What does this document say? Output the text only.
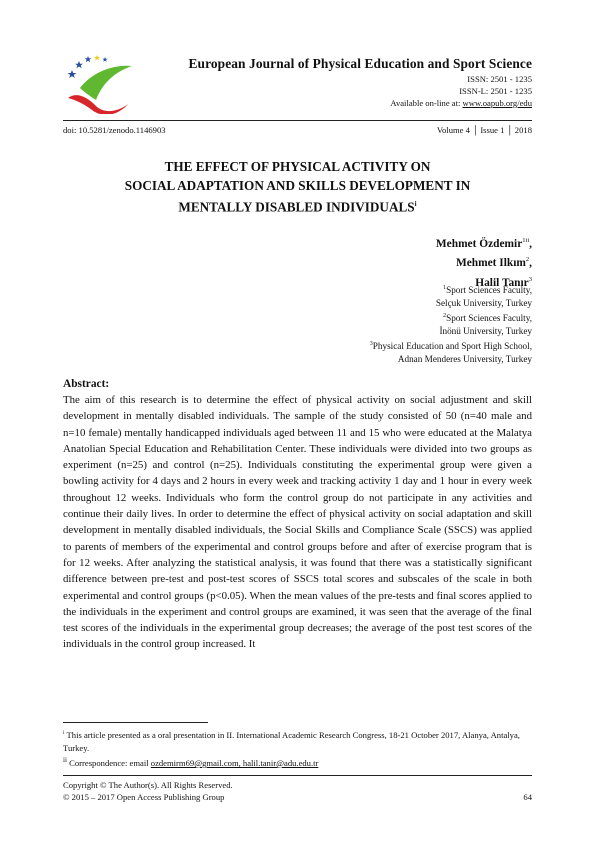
European Journal of Physical Education and Sport Science
ISSN: 2501 - 1235
ISSN-L: 2501 - 1235
Available on-line at: www.oapub.org/edu
doi: 10.5281/zenodo.1146903	Volume 4 │ Issue 1 │ 2018
THE EFFECT OF PHYSICAL ACTIVITY ON
SOCIAL ADAPTATION AND SKILLS DEVELOPMENT IN
MENTALLY DISABLED INDIVIDUALS$^i$
Mehmet Özdemir$^{1ii}$,
Mehmet Ilkım$^2$,
Halil Tanır$^3$
$^1$Sport Sciences Faculty,
Selçuk University, Turkey
$^2$Sport Sciences Faculty,
İnönü University, Turkey
$^3$Physical Education and Sport High School,
Adnan Menderes University, Turkey
Abstract:
The aim of this research is to determine the effect of physical activity on social adjustment and skill development in mentally disabled individuals. The sample of the study consisted of 50 (n=40 male and n=10 female) mentally handicapped individuals aged between 11 and 15 who were educated at the Malatya Anatolian Special Education and Rehabilitation Center. These individuals were divided into two groups as experiment (n=25) and control (n=25). Individuals constituting the experimental group were given a bowling activity for 4 days and 2 hours in every week and tracking activity 1 day and 1 hour in every week throughout 12 weeks. Individuals who form the control group do not participate in any activities and continue their daily lives. In order to determine the effect of physical activity on social adaptation and skill development in mentally disabled individuals, the Social Skills and Compliance Scale (SSCS) was applied to parents of members of the experimental and control groups before and after of exercise program that is for 12 weeks. After analyzing the statistical analysis, it was found that there was a statistically significant difference between pre-test and post-test scores of SSCS total scores and subscales of the scale in both experimental and control groups (p<0.05). When the mean values of the pre-tests and final scores applied to the individuals in the experiment and control groups are examined, it was seen that the average of the final test scores of the individuals in the experimental group decreases; the average of the post test scores of the individuals in the control group increased. It
$^i$ This article presented as a oral presentation in II. International Academic Research Congress, 18-21 October 2017, Alanya, Antalya, Turkey.
$^{ii}$ Correspondence: email ozdemirm69@gmail.com, halil.tanir@adu.edu.tr
Copyright © The Author(s). All Rights Reserved.
© 2015 – 2017 Open Access Publishing Group	64
